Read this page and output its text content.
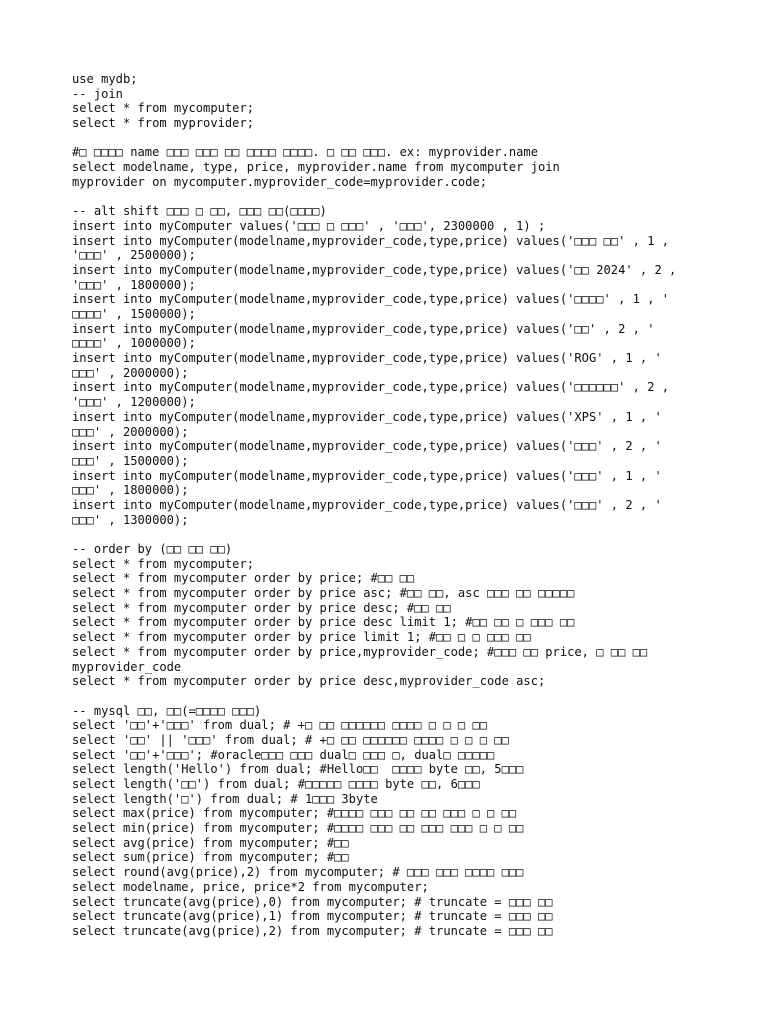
use mydb;
-- join
select * from mycomputer;
select * from myprovider;
#□ □□□□ name □□□ □□□ □□ □□□□ □□□□. □ □□ □□□. ex: myprovider.name
select modelname, type, price, myprovider.name from mycomputer join
myprovider on mycomputer.myprovider_code=myprovider.code;
-- alt shift □□□ □ □□, □□□ □□(□□□□)
insert into myComputer values('□□□ □ □□□' , '□□□', 2300000 , 1) ;
insert into myComputer(modelname,myprovider_code,type,price) values('□□□ □□' , 1 ,
'□□□' , 2500000);
insert into myComputer(modelname,myprovider_code,type,price) values('□□ 2024' , 2 ,
'□□□' , 1800000);
insert into myComputer(modelname,myprovider_code,type,price) values('□□□□' , 1 , '
□□□□' , 1500000);
insert into myComputer(modelname,myprovider_code,type,price) values('□□' , 2 , '
□□□□' , 1000000);
insert into myComputer(modelname,myprovider_code,type,price) values('ROG' , 1 , '
□□□' , 2000000);
insert into myComputer(modelname,myprovider_code,type,price) values('□□□□□□' , 2 ,
'□□□' , 1200000);
insert into myComputer(modelname,myprovider_code,type,price) values('XPS' , 1 , '
□□□' , 2000000);
insert into myComputer(modelname,myprovider_code,type,price) values('□□□' , 2 , '
□□□' , 1500000);
insert into myComputer(modelname,myprovider_code,type,price) values('□□□' , 1 , '
□□□' , 1800000);
insert into myComputer(modelname,myprovider_code,type,price) values('□□□' , 2 , '
□□□' , 1300000);
-- order by (□□ □□ □□)
select * from mycomputer;
select * from mycomputer order by price; #□□ □□
select * from mycomputer order by price asc; #□□ □□, asc □□□ □□ □□□□□
select * from mycomputer order by price desc; #□□ □□
select * from mycomputer order by price desc limit 1; #□□ □□ □ □□□ □□
select * from mycomputer order by price limit 1; #□□ □ □ □□□ □□
select * from mycomputer order by price,myprovider_code; #□□□ □□ price, □ □□ □□
myprovider_code
select * from mycomputer order by price desc,myprovider_code asc;
-- mysql □□, □□(=□□□□ □□□)
select '□□'+'□□□' from dual; # +□ □□ □□□□□□ □□□□ □ □ □ □□
select '□□' || '□□□' from dual; # +□ □□ □□□□□□ □□□□ □ □ □ □□
select '□□'+'□□□'; #oracle□□□ □□□ dual□ □□□ □, dual□ □□□□□
select length('Hello') from dual; #Hello□□  □□□□ byte □□, 5□□□
select length('□□') from dual; #□□□□□ □□□□ byte □□, 6□□□
select length('□') from dual; # 1□□□ 3byte
select max(price) from mycomputer; #□□□□ □□□ □□ □□ □□□ □ □ □□
select min(price) from mycomputer; #□□□□ □□□ □□ □□□ □□□ □ □ □□
select avg(price) from mycomputer; #□□
select sum(price) from mycomputer; #□□
select round(avg(price),2) from mycomputer; # □□□ □□□ □□□□ □□□
select modelname, price, price*2 from mycomputer;
select truncate(avg(price),0) from mycomputer; # truncate = □□□ □□
select truncate(avg(price),1) from mycomputer; # truncate = □□□ □□
select truncate(avg(price),2) from mycomputer; # truncate = □□□ □□
